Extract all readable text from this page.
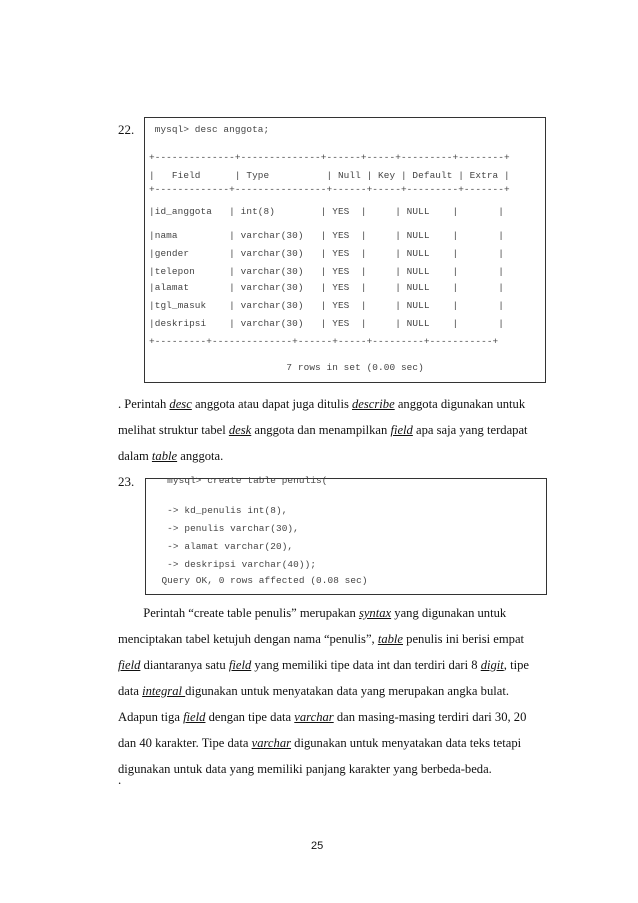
22. mysql> desc anggota;
+--------------+--------------+------+-----+---------+--------+
|   Field      | Type          | Null | Key | Default | Extra |
+-------------+----------------+------+-----+---------+-------+
|id_anggota   | int(8)        | YES  |     | NULL    |       |
|nama         | varchar(30)   | YES  |     | NULL    |       |
|gender       | varchar(30)   | YES  |     | NULL    |       |
|telepon      | varchar(30)   | YES  |     | NULL    |       |
|alamat       | varchar(30)   | YES  |     | NULL    |       |
|tgl_masuk    | varchar(30)   | YES  |     | NULL    |       |
|deskripsi    | varchar(30)   | YES  |     | NULL    |       |
+---------+--------------+------+-----+---------+-----------+
7 rows in set (0.00 sec)

. Perintah desc anggota atau dapat juga ditulis describe anggota digunakan untuk

melihat struktur tabel desk anggota dan menampilkan field apa saja yang terdapat

dalam table anggota.

23. mysql> create table penulis(
-> kd_penulis int(8),
-> penulis varchar(30),
-> alamat varchar(20),
-> deskripsi varchar(40));
Query OK, 0 rows affected (0.08 sec)

Perintah “create table penulis” merupakan syntax yang digunakan untuk

menciptakan tabel ketujuh dengan nama “penulis”, table penulis ini berisi empat

field diantaranya satu field yang memiliki tipe data int dan terdiri dari 8 digit, tipe

data integral digunakan untuk menyatakan data yang merupakan angka bulat.

Adapun tiga field dengan tipe data varchar dan masing-masing terdiri dari 30, 20

dan 40 karakter. Tipe data varchar digunakan untuk menyatakan data teks tetapi

digunakan untuk data yang memiliki panjang karakter yang berbeda-beda.

.
25
